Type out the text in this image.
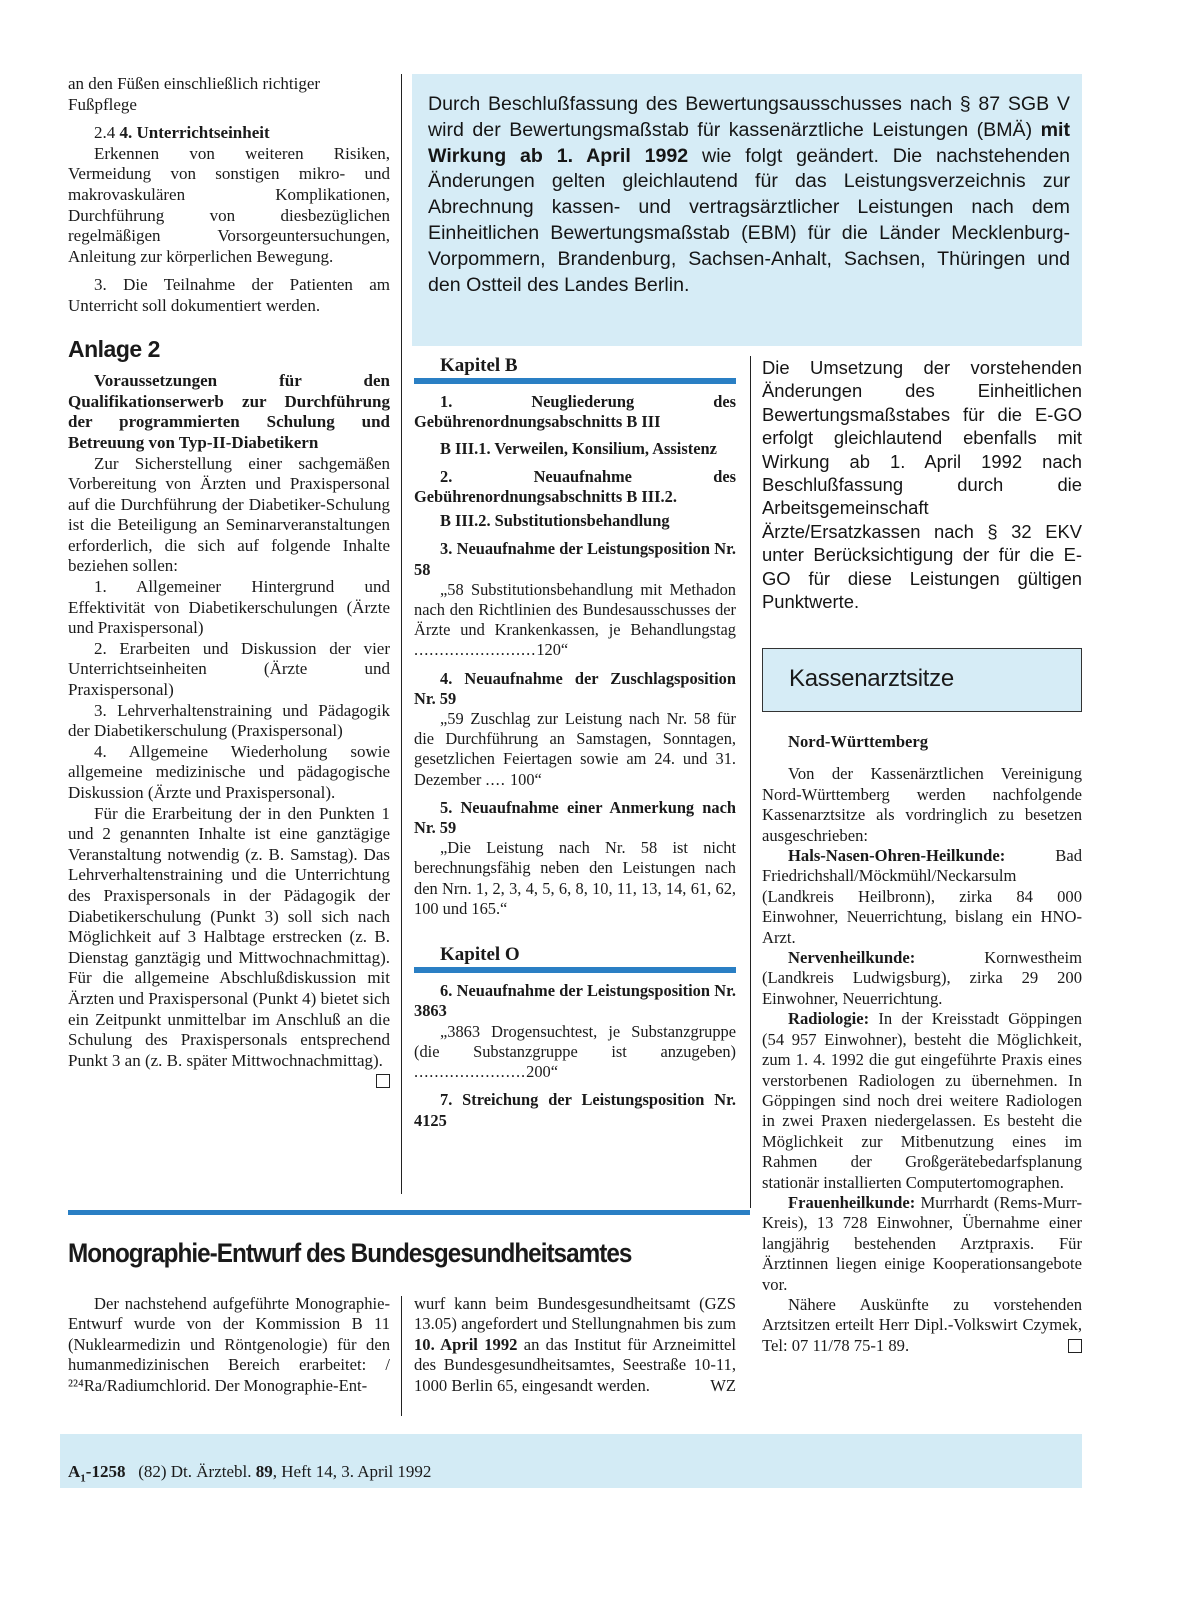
an den Füßen einschließlich richtiger

Fußpflege

2.4 4. Unterrichtseinheit

Erkennen von weiteren Risiken, Vermeidung von sonstigen mikro- und makrovaskulären Komplikationen, Durchführung von diesbezüglichen regelmäßigen Vorsorgeuntersuchungen, Anleitung zur körperlichen Bewegung.

3. Die Teilnahme der Patienten am Unterricht soll dokumentiert werden.

Anlage 2

Voraussetzungen für den Qualifikationserwerb zur Durchführung der programmierten Schulung und Betreuung von Typ-II-Diabetikern

Zur Sicherstellung einer sachgemäßen Vorbereitung von Ärzten und Praxispersonal auf die Durchführung der Diabetiker-Schulung ist die Beteiligung an Seminarveranstaltungen erforderlich, die sich auf folgende Inhalte beziehen sollen:

1. Allgemeiner Hintergrund und Effektivität von Diabetikerschulungen (Ärzte und Praxispersonal)

2. Erarbeiten und Diskussion der vier Unterrichtseinheiten (Ärzte und Praxispersonal)

3. Lehrverhaltenstraining und Pädagogik der Diabetikerschulung (Praxispersonal)

4. Allgemeine Wiederholung sowie allgemeine medizinische und pädagogische Diskussion (Ärzte und Praxispersonal).

Für die Erarbeitung der in den Punkten 1 und 2 genannten Inhalte ist eine ganztägige Veranstaltung notwendig (z. B. Samstag). Das Lehrverhaltenstraining und die Unterrichtung des Praxispersonals in der Pädagogik der Diabetikerschulung (Punkt 3) soll sich nach Möglichkeit auf 3 Halbtage erstrecken (z. B. Dienstag ganztägig und Mittwochnachmittag). Für die allgemeine Abschlußdiskussion mit Ärzten und Praxispersonal (Punkt 4) bietet sich ein Zeitpunkt unmittelbar im Anschluß an die Schulung des Praxispersonals entsprechend Punkt 3 an (z. B. später Mittwochnachmittag).

Durch Beschlußfassung des Bewertungsausschusses nach § 87 SGB V wird der Bewertungsmaßstab für kassenärztliche Leistungen (BMÄ) mit Wirkung ab 1. April 1992 wie folgt geändert. Die nachstehenden Änderungen gelten gleichlautend für das Leistungsverzeichnis zur Abrechnung kassen- und vertragsärztlicher Leistungen nach dem Einheitlichen Bewertungsmaßstab (EBM) für die Länder Mecklenburg-Vorpommern, Brandenburg, Sachsen-Anhalt, Sachsen, Thüringen und den Ostteil des Landes Berlin.
Kapitel B

1. Neugliederung des Gebührenordnungsabschnitts B III

B III.1. Verweilen, Konsilium, Assistenz

2. Neuaufnahme des Gebührenordnungsabschnitts B III.2.

B III.2. Substitutionsbehandlung

3. Neuaufnahme der Leistungsposition Nr. 58

„58 Substitutionsbehandlung mit Methadon nach den Richtlinien des Bundesausschusses der Ärzte und Krankenkassen, je Behandlungstag ........................120“

4. Neuaufnahme der Zuschlagsposition Nr. 59

„59 Zuschlag zur Leistung nach Nr. 58 für die Durchführung an Samstagen, Sonntagen, gesetzlichen Feiertagen sowie am 24. und 31. Dezember .... 100“

5. Neuaufnahme einer Anmerkung nach Nr. 59

„Die Leistung nach Nr. 58 ist nicht berechnungsfähig neben den Leistungen nach den Nrn. 1, 2, 3, 4, 5, 6, 8, 10, 11, 13, 14, 61, 62, 100 und 165.“

Kapitel O

6. Neuaufnahme der Leistungsposition Nr. 3863

„3863 Drogensuchtest, je Substanzgruppe (die Substanzgruppe ist anzugeben) ......................200“

7. Streichung der Leistungsposition Nr. 4125

Die Umsetzung der vorstehenden Änderungen des Einheitlichen Bewertungsmaßstabes für die E-GO erfolgt gleichlautend ebenfalls mit Wirkung ab 1. April 1992 nach Beschlußfassung durch die Arbeitsgemeinschaft Ärzte/Ersatzkassen nach § 32 EKV unter Berücksichtigung der für die E-GO für diese Leistungen gültigen Punktwerte.
Kassenarztsitze

Nord-Württemberg

Von der Kassenärztlichen Vereinigung Nord-Württemberg werden nachfolgende Kassenarztsitze als vordringlich zu besetzen ausgeschrieben:

Hals-Nasen-Ohren-Heilkunde: Bad Friedrichshall/Möckmühl/Neckarsulm (Landkreis Heilbronn), zirka 84 000 Einwohner, Neuerrichtung, bislang ein HNO-Arzt.

Nervenheilkunde: Kornwestheim (Landkreis Ludwigsburg), zirka 29 200 Einwohner, Neuerrichtung.

Radiologie: In der Kreisstadt Göppingen (54 957 Einwohner), besteht die Möglichkeit, zum 1. 4. 1992 die gut eingeführte Praxis eines verstorbenen Radiologen zu übernehmen. In Göppingen sind noch drei weitere Radiologen in zwei Praxen niedergelassen. Es besteht die Möglichkeit zur Mitbenutzung eines im Rahmen der Großgerätebedarfsplanung stationär installierten Computertomographen.

Frauenheilkunde: Murrhardt (Rems-Murr-Kreis), 13 728 Einwohner, Übernahme einer langjährig bestehenden Arztpraxis. Für Ärztinnen liegen einige Kooperationsangebote vor.

Nähere Auskünfte zu vorstehenden Arztsitzen erteilt Herr Dipl.-Volkswirt Czymek, Tel: 07 11/78 75-1 89.

Monographie-Entwurf des Bundesgesundheitsamtes

Der nachstehend aufgeführte Monographie-Entwurf wurde von der Kommission B 11 (Nuklearmedizin und Röntgenologie) für den humanmedizinischen Bereich erarbeitet: /²²⁴Ra/Radiumchlorid. Der Monographie-Ent-

wurf kann beim Bundesgesundheitsamt (GZS 13.05) angefordert und Stellungnahmen bis zum 10. April 1992 an das Institut für Arzneimittel des Bundesgesundheitsamtes, Seestraße 10-11, 1000 Berlin 65, eingesandt werden.	WZ

$A_1-1258$ (82) Dt. Ärztebl. 89, Heft 14, 3. April 1992
